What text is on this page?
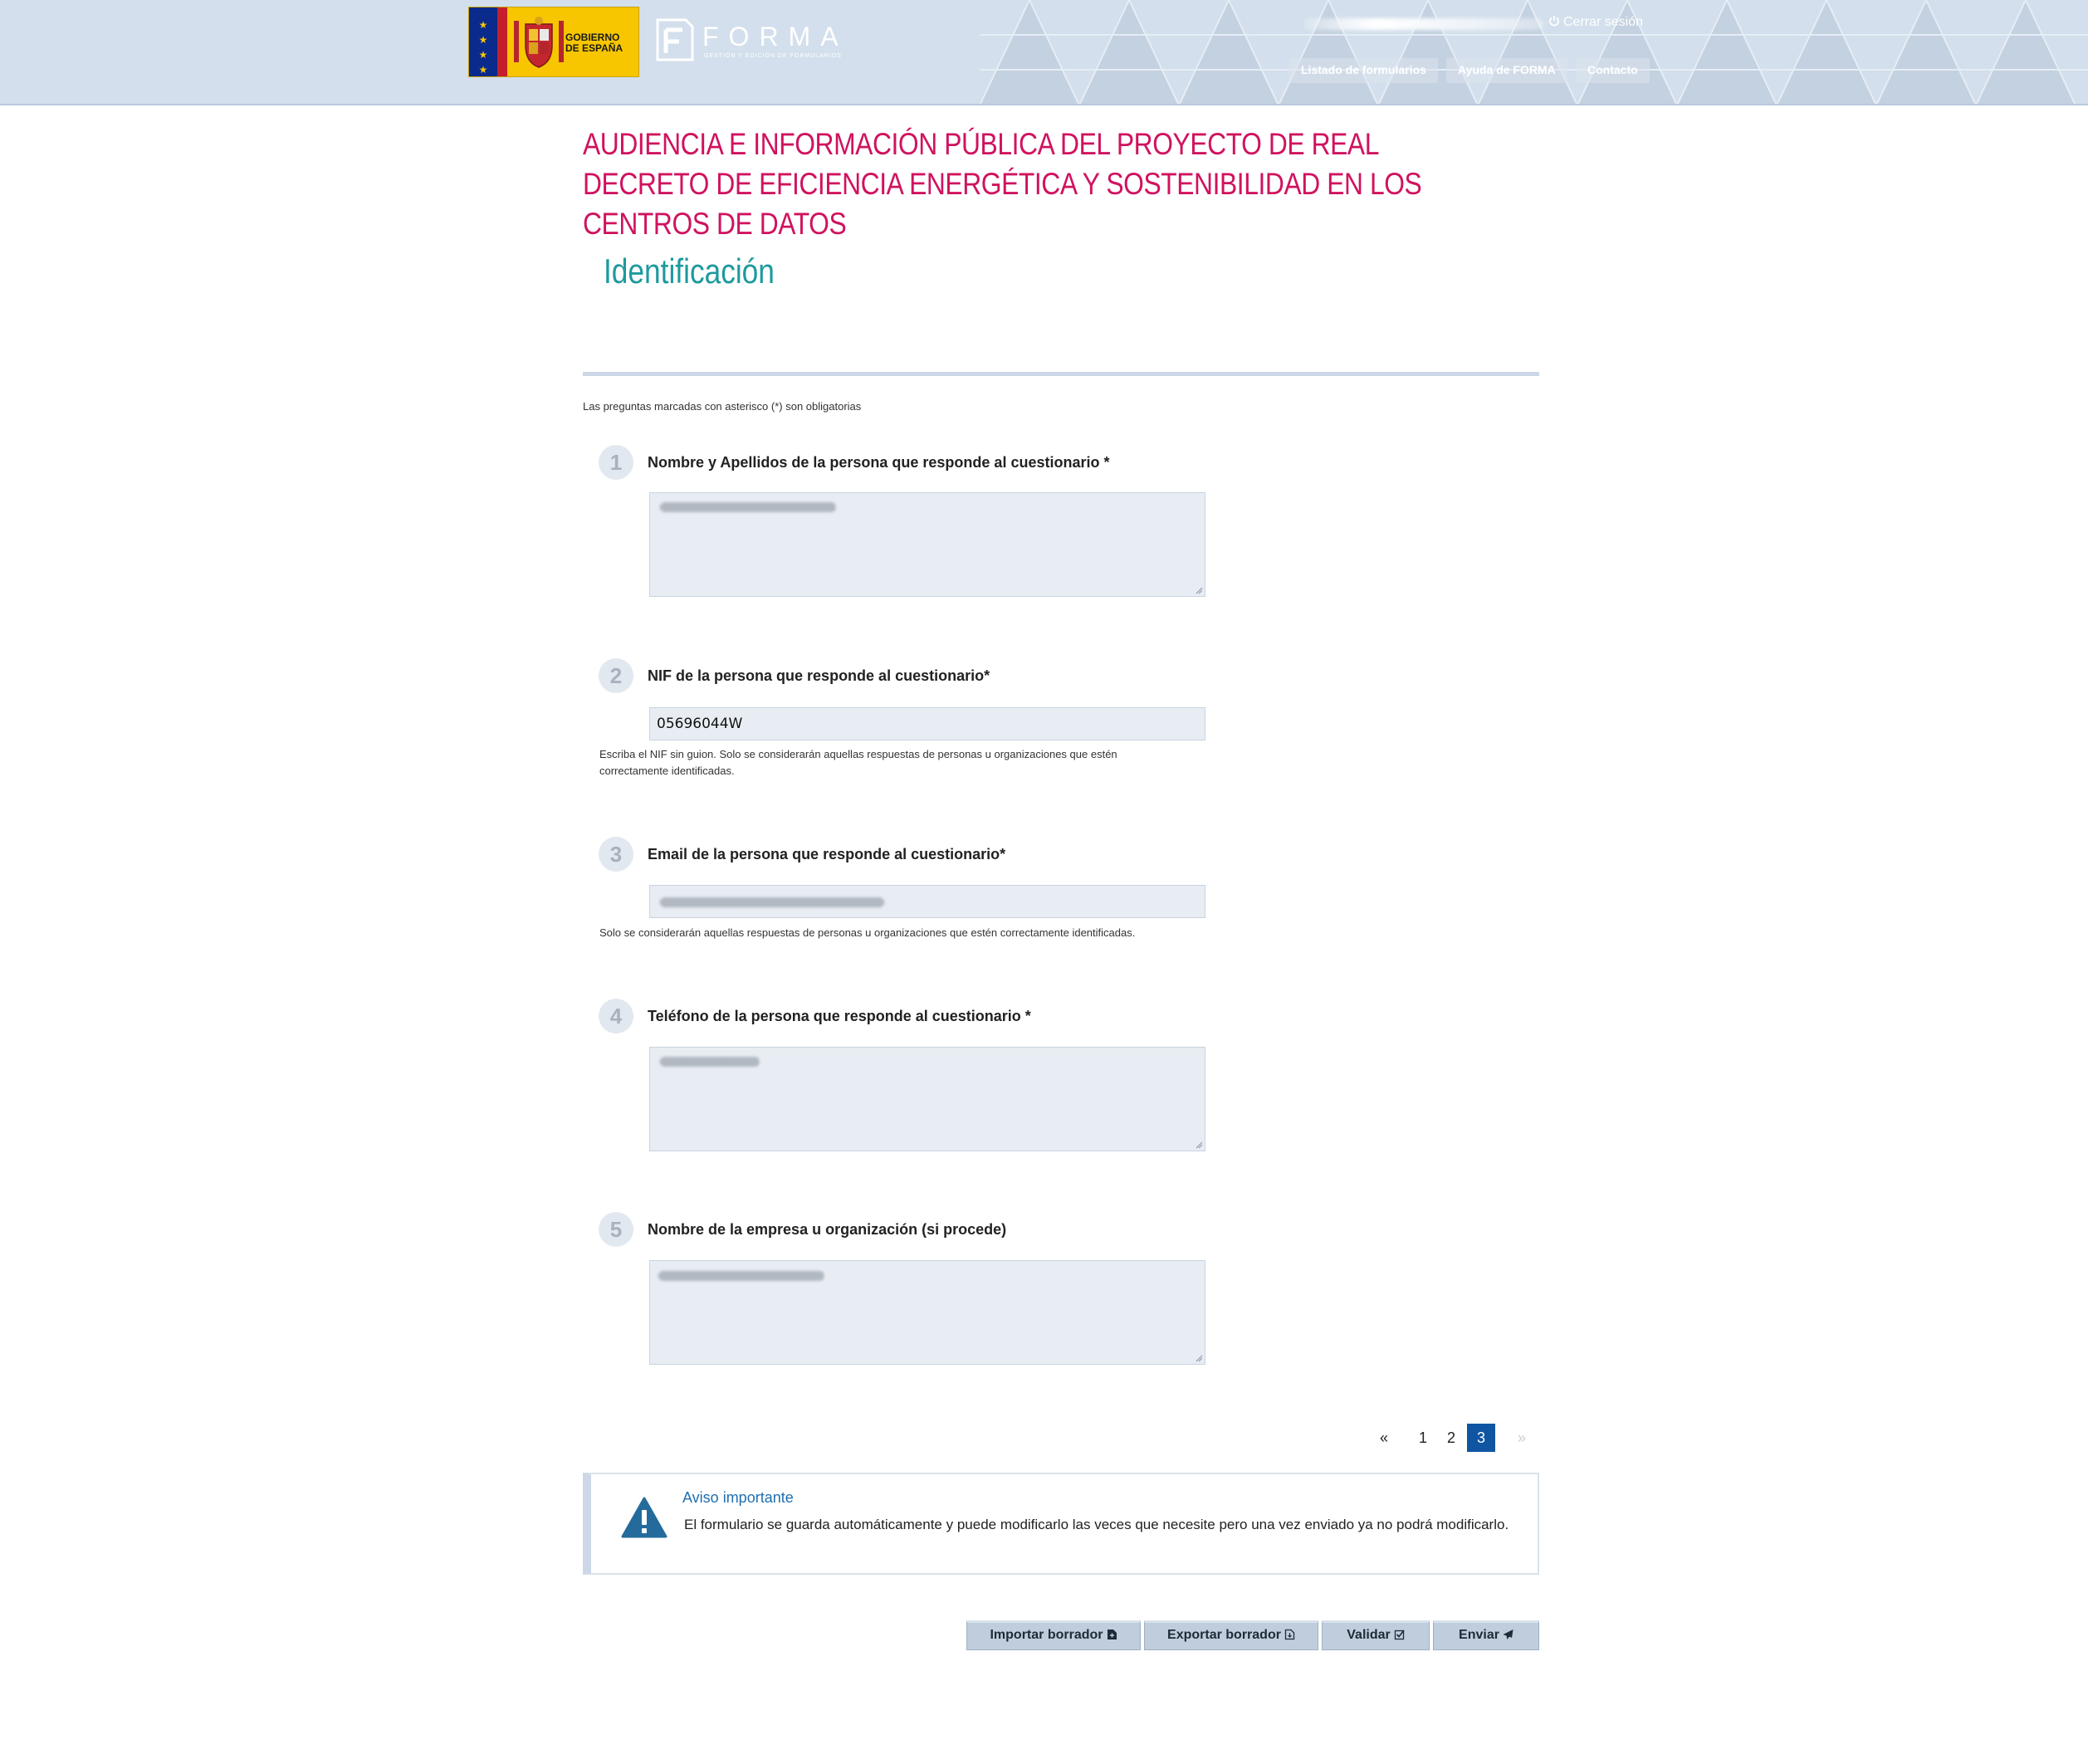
★
★
★
★
GOBIERNO DE ESPAÑA	FORMA
GESTIÓN Y EDICIÓN DE FORMULARIOS
Cerrar sesión
Listado de formularios	Ayuda de FORMA	Contacto
AUDIENCIA E INFORMACIÓN PÚBLICA DEL PROYECTO DE REAL DECRETO DE EFICIENCIA ENERGÉTICA Y SOSTENIBILIDAD EN LOS CENTROS DE DATOS
Identificación
Las preguntas marcadas con asterisco (*) son obligatorias
1	Nombre y Apellidos de la persona que responde al cuestionario *
2	NIF de la persona que responde al cuestionario*
05696044W
Escriba el NIF sin guion. Solo se considerarán aquellas respuestas de personas u organizaciones que estén correctamente identificadas.
3	Email de la persona que responde al cuestionario*
Solo se considerarán aquellas respuestas de personas u organizaciones que estén correctamente identificadas.
4	Teléfono de la persona que responde al cuestionario *
5	Nombre de la empresa u organización (si procede)
«	1	2	3	»
Aviso importante
El formulario se guarda automáticamente y puede modificarlo las veces que necesite pero una vez enviado ya no podrá modificarlo.
Importar borrador	Exportar borrador	Validar	Enviar
